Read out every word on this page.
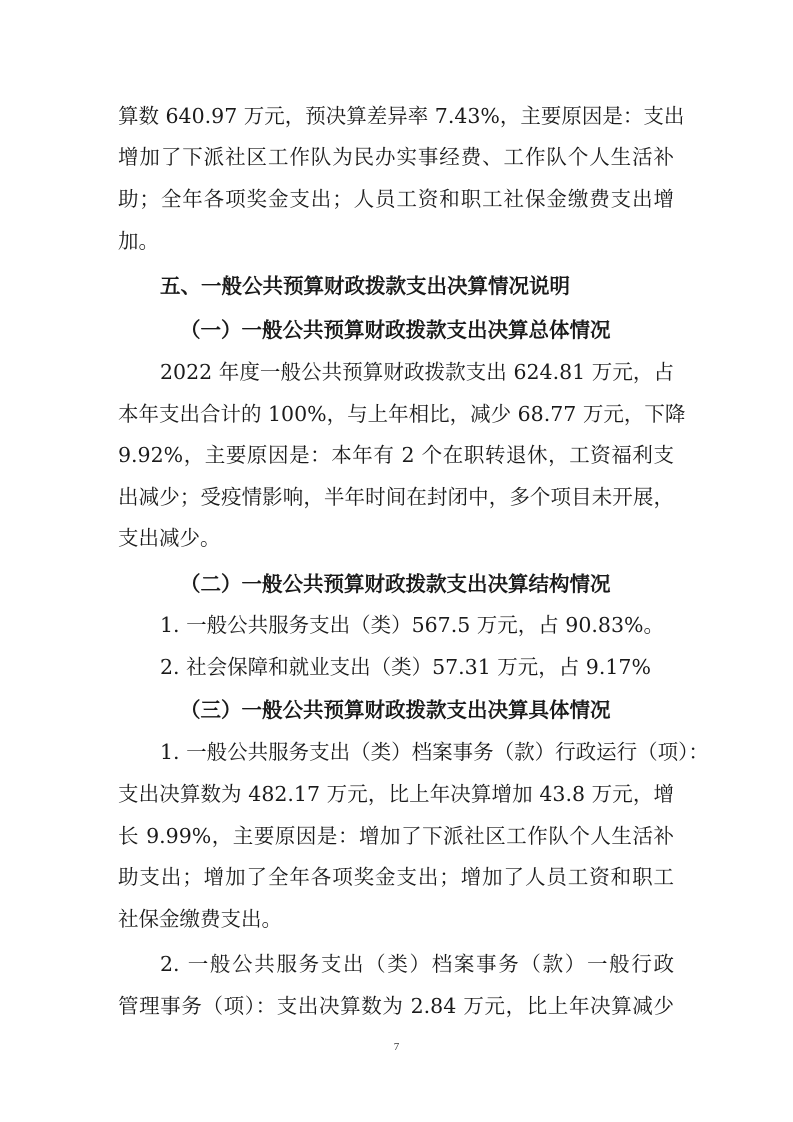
算数 640.97 万元，预决算差异率 7.43%，主要原因是：支出
增加了下派社区工作队为民办实事经费、工作队个人生活补
助；全年各项奖金支出；人员工资和职工社保金缴费支出增
加。
五、一般公共预算财政拨款支出决算情况说明
（一）一般公共预算财政拨款支出决算总体情况
2022 年度一般公共预算财政拨款支出 624.81 万元，占
本年支出合计的 100%，与上年相比，减少 68.77 万元，下降
9.92%，主要原因是：本年有 2 个在职转退休，工资福利支
出减少；受疫情影响，半年时间在封闭中，多个项目未开展，
支出减少。
（二）一般公共预算财政拨款支出决算结构情况
1. 一般公共服务支出（类）567.5 万元，占 90.83%。
2. 社会保障和就业支出（类）57.31 万元，占 9.17%
（三）一般公共预算财政拨款支出决算具体情况
1. 一般公共服务支出（类）档案事务（款）行政运行（项）：
支出决算数为 482.17 万元，比上年决算增加 43.8 万元，增
长 9.99%，主要原因是：增加了下派社区工作队个人生活补
助支出；增加了全年各项奖金支出；增加了人员工资和职工
社保金缴费支出。
2. 一般公共服务支出（类）档案事务（款）一般行政
管理事务（项）：支出决算数为 2.84 万元，比上年决算减少
7
